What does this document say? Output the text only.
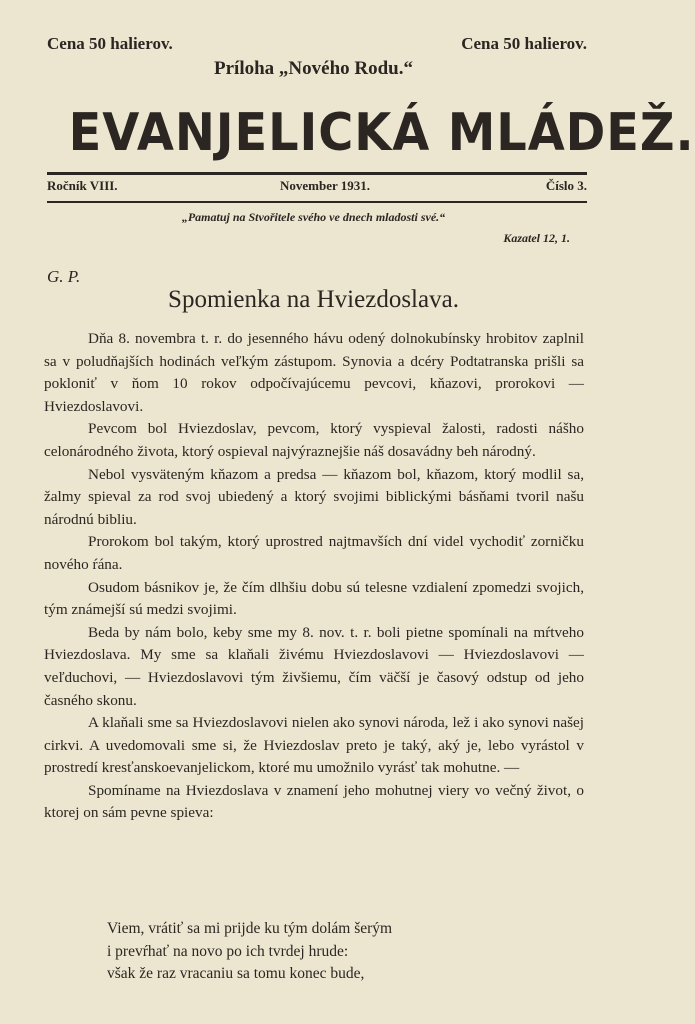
Cena 50 halierov.	Cena 50 halierov.
Príloha „Nového Rodu.“
EVANJELICKÁ MLÁDEŽ.
Ročník VIII.	November 1931.	Číslo 3.
„Pamatuj na Stvořitele svého ve dnech mladosti své.“
Kazatel 12, 1.
G. P.
Spomienka na Hviezdoslava.

Dňa 8. novembra t. r. do jesenného hávu odený dolnokubínsky hrobitov zaplnil sa v poludňajších hodinách veľkým zástupom. Synovia a dcéry Podtatranska prišli sa pokloniť v ňom 10 rokov odpočívajúcemu pevcovi, kňazovi, prorokovi — Hviezdoslavovi.

Pevcom bol Hviezdoslav, pevcom, ktorý vyspieval žalosti, radosti nášho celonárodného života, ktorý ospieval najvýraznejšie náš dosavádny beh národný.

Nebol vysväteným kňazom a predsa — kňazom bol, kňazom, ktorý modlil sa, žalmy spieval za rod svoj ubiedený a ktorý svojimi biblickými básňami tvoril našu národnú bibliu.

Prorokom bol takým, ktorý uprostred najtmavších dní videl vychodiť zorničku nového ŕána.

Osudom básnikov je, že čím dlhšiu dobu sú telesne vzdialení zpomedzi svojich, tým známejší sú medzi svojimi.

Beda by nám bolo, keby sme my 8. nov. t. r. boli pietne spomínali na mŕtveho Hviezdoslava. My sme sa klaňali živému Hviezdoslavovi — Hviezdoslavovi — veľduchovi, — Hviezdoslavovi tým živšiemu, čím väčší je časový odstup od jeho časného skonu.

A klaňali sme sa Hviezdoslavovi nielen ako synovi národa, lež i ako synovi našej cirkvi. A uvedomovali sme si, že Hviezdoslav preto je taký, aký je, lebo vyrástol v prostredí kresťanskoevanjelickom, ktoré mu umožnilo vyrásť tak mohutne. —

Spomíname na Hviezdoslava v znamení jeho mohutnej viery vo večný život, o ktorej on sám pevne spieva:

Viem, vrátiť sa mi prijde ku tým dolám šerým
i prevŕhať na novo po ich tvrdej hrude:
však že raz vracaniu sa tomu konec bude,
